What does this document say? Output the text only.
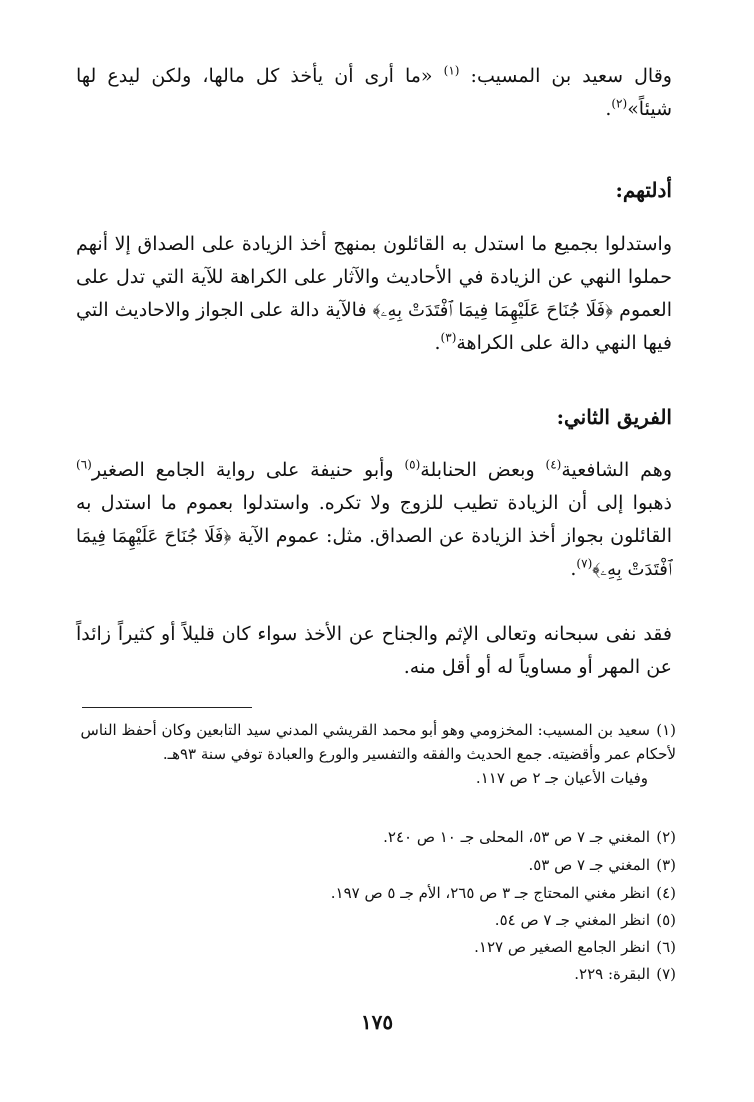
وقال سعيد بن المسيب: $^{(١)}$ «ما أرى أن يأخذ كل مالها، ولكن ليدع لها شيئاً»$^{(٢)}$.

أدلتهم:

واستدلوا بجميع ما استدل به القائلون بمنهج أخذ الزيادة على الصداق إلا أنهم حملوا النهي عن الزيادة في الأحاديث والآثار على الكراهة للآية التي تدل على العموم ﴿فَلَا جُنَاحَ عَلَيْهِمَا فِيمَا ٱفْتَدَتْ بِهِۦ﴾ فالآية دالة على الجواز والاحاديث التي فيها النهي دالة على الكراهة$^{(٣)}$.

الفريق الثاني:

وهم الشافعية$^{(٤)}$ وبعض الحنابلة$^{(٥)}$ وأبو حنيفة على رواية الجامع الصغير$^{(٦)}$ ذهبوا إلى أن الزيادة تطيب للزوج ولا تكره. واستدلوا بعموم ما استدل به القائلون بجواز أخذ الزيادة عن الصداق. مثل: عموم الآية ﴿فَلَا جُنَاحَ عَلَيْهِمَا فِيمَا ٱفْتَدَتْ بِهِۦ﴾$^{(٧)}$.

فقد نفى سبحانه وتعالى الإثم والجناح عن الأخذ سواء كان قليلاً أو كثيراً زائداً عن المهر أو مساوياً له أو أقل منه.

(١)سعيد بن المسيب: المخزومي وهو أبو محمد القريشي المدني سيد التابعين وكان أحفظ الناس لأحكام عمر وأقضيته. جمع الحديث والفقه والتفسير والورع والعبادة توفي سنة ٩٣هـ.
وفيات الأعيان جـ ٢ ص ١١٧.
(٢)المغني جـ ٧ ص ٥٣، المحلى جـ ١٠ ص ٢٤٠.
(٣)المغني جـ ٧ ص ٥٣.
(٤)انظر مغني المحتاج جـ ٣ ص ٢٦٥، الأم جـ ٥ ص ١٩٧.
(٥)انظر المغني جـ ٧ ص ٥٤.
(٦)انظر الجامع الصغير ص ١٢٧.
(٧)البقرة: ٢٢٩.
١٧٥
